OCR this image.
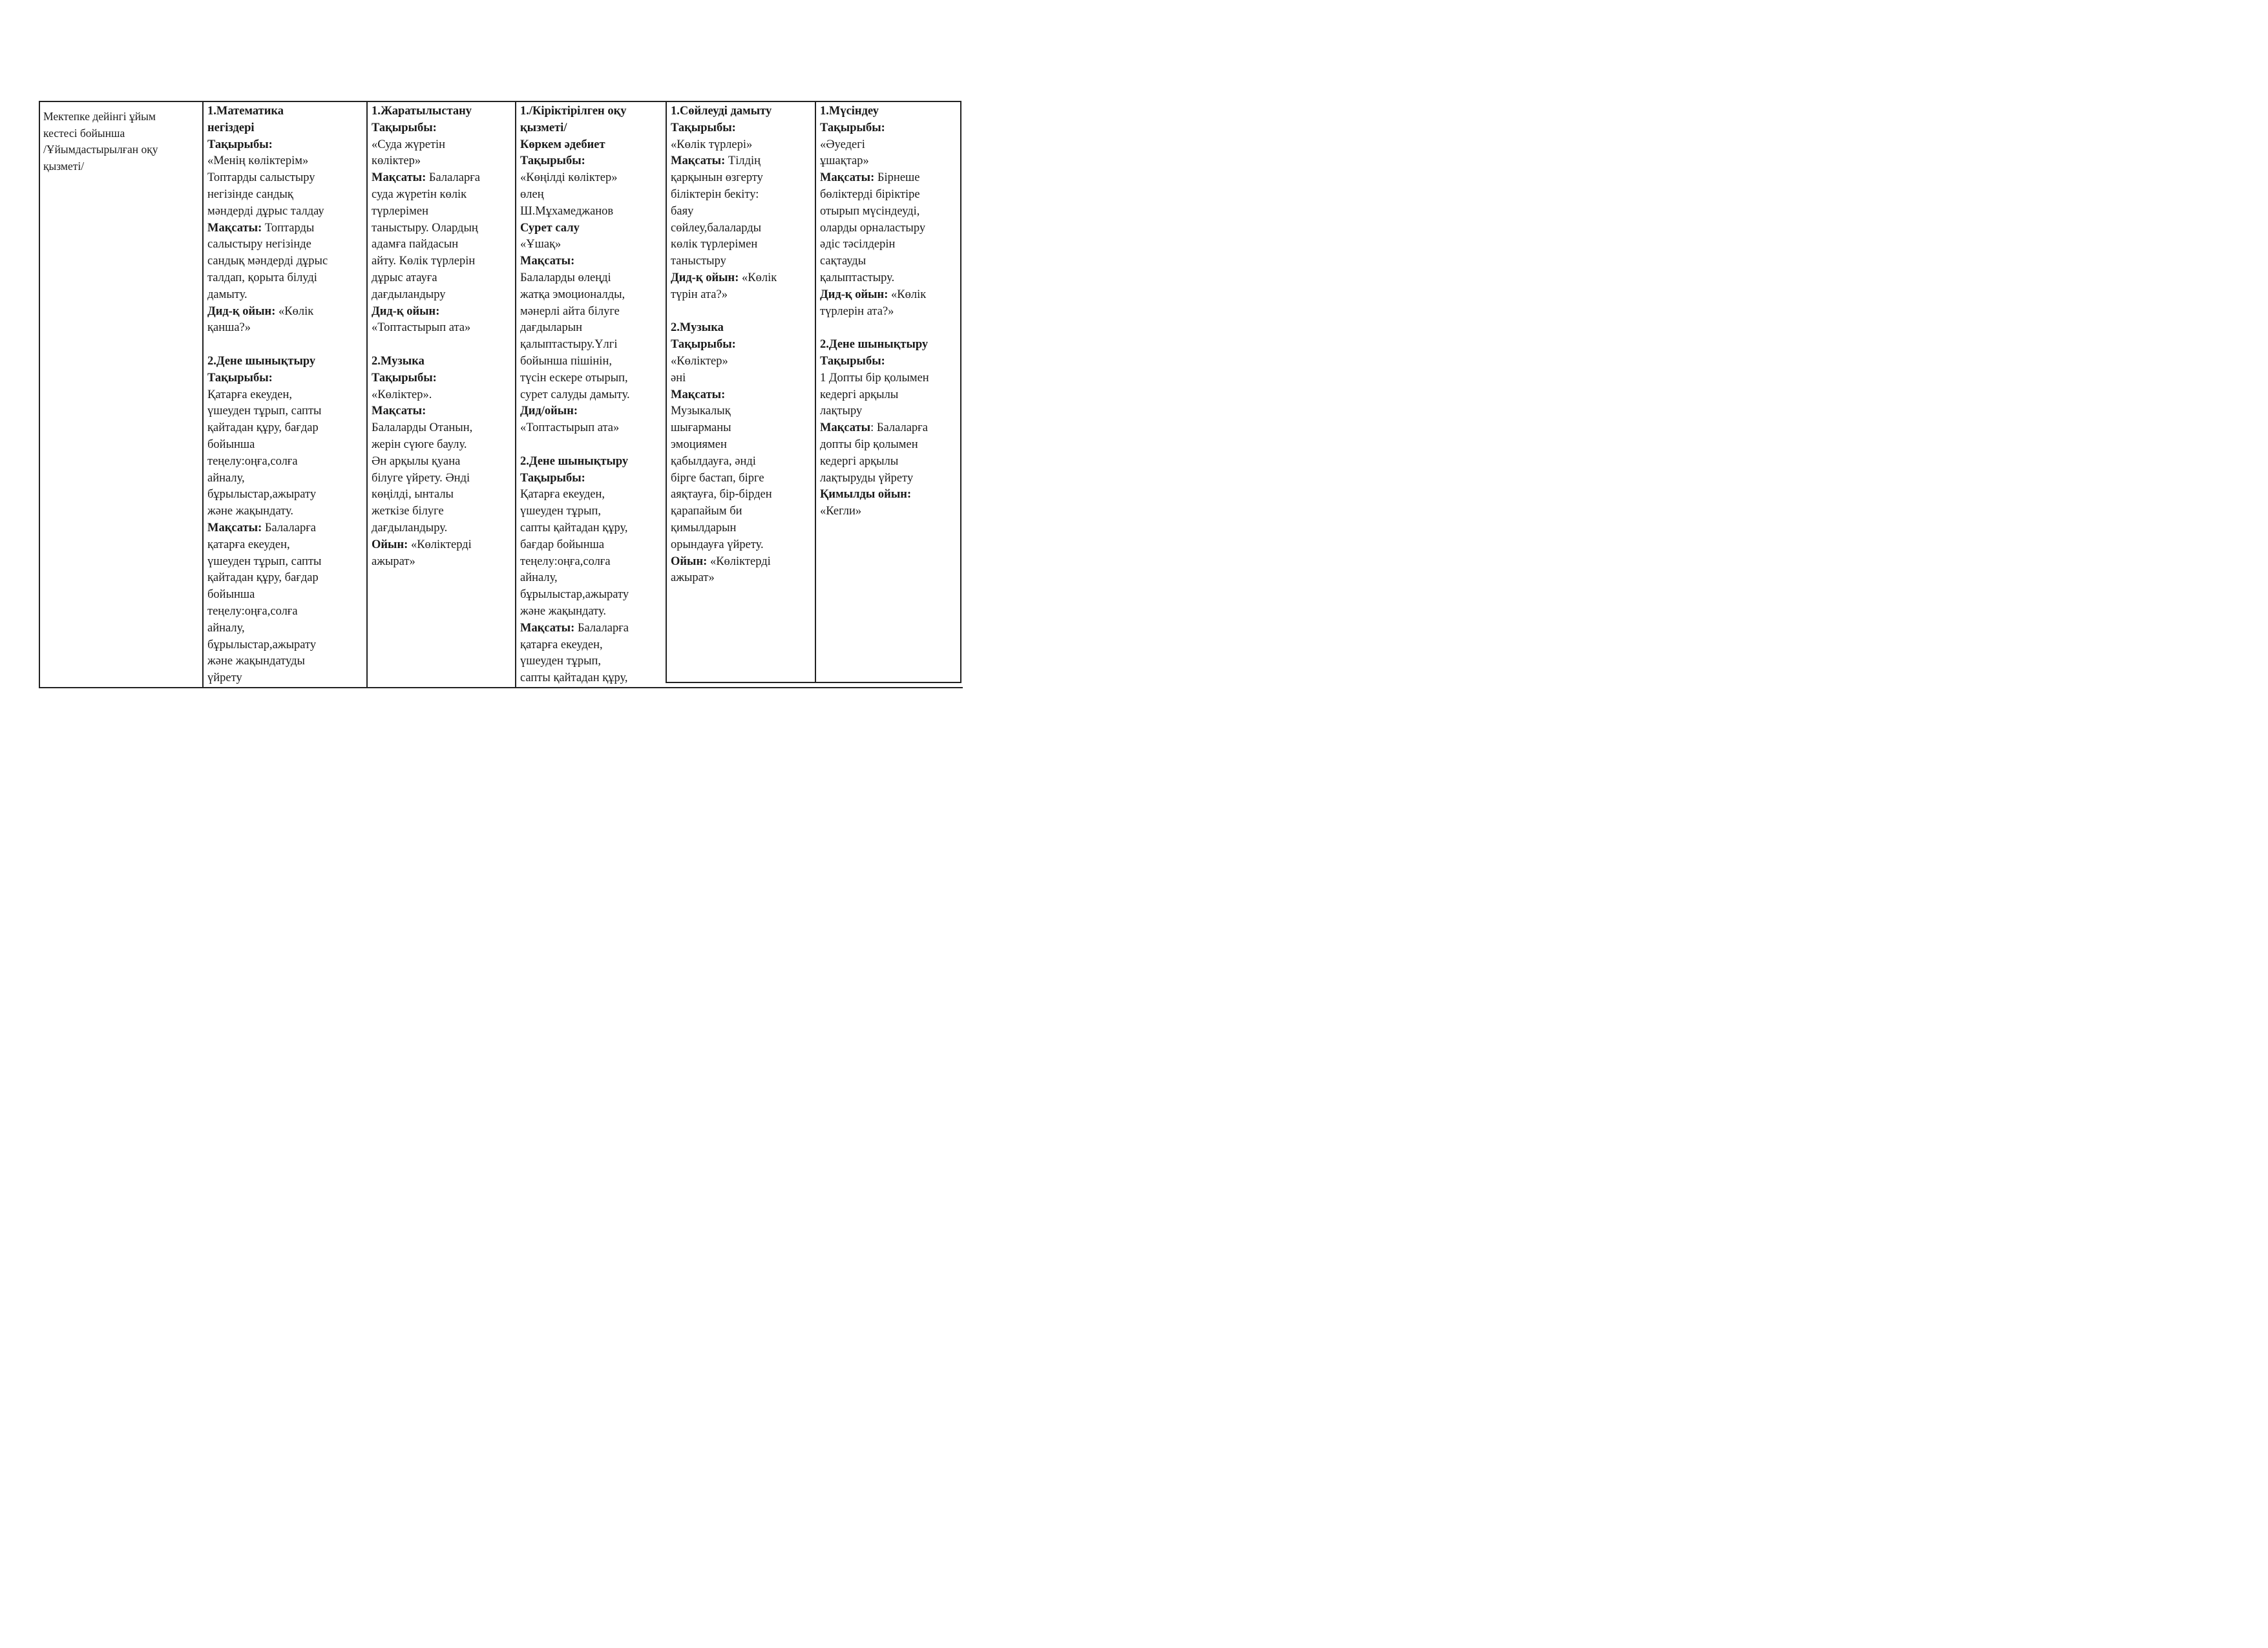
Мектепке дейінгі ұйым
кестесі бойынша
/Ұйымдастырылған оқу
қызметі/
1.Математика
негіздері
Тақырыбы:
«Менің көліктерім»
Топтарды салыстыру
негізінде сандық
мәндерді дұрыс талдау
Мақсаты: Топтарды
салыстыру негізінде
сандық мәндерді дұрыс
талдап, қорыта білуді
дамыту.
Дид-қ ойын: «Көлік
қанша?»
2.Дене шынықтыру
Тақырыбы:
Қатарға екеуден,
үшеуден тұрып, сапты
қайтадан құру, бағдар
бойынша
теңелу:оңға,солға
айналу,
бұрылыстар,ажырату
және жақындату.
Мақсаты: Балаларға
қатарға екеуден,
үшеуден тұрып, сапты
қайтадан құру, бағдар
бойынша
теңелу:оңға,солға
айналу,
бұрылыстар,ажырату
және жақындатуды
үйрету
1.Жаратылыстану
Тақырыбы:
«Суда жүретін
көліктер»
Мақсаты: Балаларға
суда жүретін көлік
түрлерімен
таныстыру. Олардың
адамға пайдасын
айту. Көлік түрлерін
дұрыс атауға
дағдыландыру
Дид-қ ойын:
«Топтастырып ата»
2.Музыка
Тақырыбы:
«Көліктер».
Мақсаты:
Балаларды Отанын,
жерін сүюге баулу.
Ән арқылы қуана
білуге үйрету. Әнді
көңілді, ынталы
жеткізе білуге
дағдыландыру.
Ойын: «Көліктерді
ажырат»
1./Кіріктірілген оқу
қызметі/
Көркем әдебиет
Тақырыбы:
«Көңілді көліктер»
өлең
Ш.Мұхамеджанов
Сурет салу
«Ұшақ»
Мақсаты:
Балаларды өлеңді
жатқа эмоционалды,
мәнерлі айта білуге
дағдыларын
қалыптастыру.Үлгі
бойынша пішінін,
түсін ескере отырып,
сурет салуды дамыту.
Дид/ойын:
«Топтастырып ата»
2.Дене шынықтыру
Тақырыбы:
Қатарға екеуден,
үшеуден тұрып,
сапты қайтадан құру,
бағдар бойынша
теңелу:оңға,солға
айналу,
бұрылыстар,ажырату
және жақындату.
Мақсаты: Балаларға
қатарға екеуден,
үшеуден тұрып,
сапты қайтадан құру,
1.Сөйлеуді дамыту
Тақырыбы:
«Көлік түрлері»
Мақсаты: Тілдің
қарқынын өзгерту
біліктерін бекіту:
баяу
сөйлеу,балаларды
көлік түрлерімен
таныстыру
Дид-қ ойын: «Көлік
түрін ата?»
2.Музыка
Тақырыбы:
«Көліктер»
әні
Мақсаты:
Музыкалық
шығарманы
эмоциямен
қабылдауға, әнді
бірге бастап, бірге
аяқтауға, бір-бірден
қарапайым би
қимылдарын
орындауға үйрету.
Ойын: «Көліктерді
ажырат»
1.Мүсіндеу
Тақырыбы:
«Әуедегі
ұшақтар»
Мақсаты: Бірнеше
бөліктерді біріктіре
отырып мүсіндеуді,
оларды орналастыру
әдіс тәсілдерін
сақтауды
қалыптастыру.
Дид-қ ойын: «Көлік
түрлерін ата?»
2.Дене шынықтыру
Тақырыбы:
1 Допты бір қолымен
кедергі арқылы
лақтыру
Мақсаты: Балаларға
допты бір қолымен
кедергі арқылы
лақтыруды үйрету
Қимылды ойын:
«Кегли»
